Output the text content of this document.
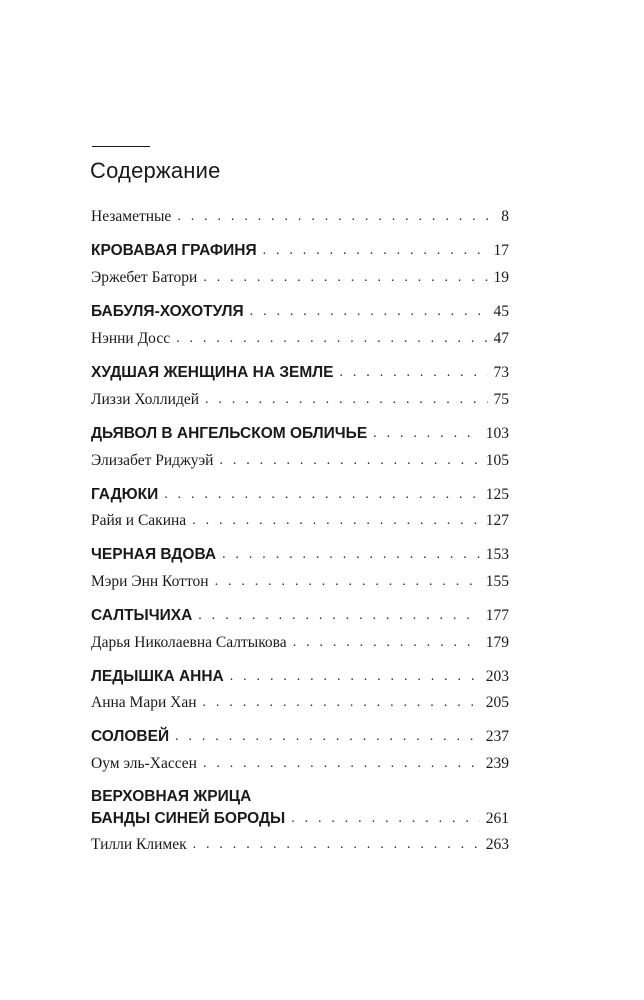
Содержание
Незаметные . . .	8
КРОВАВАЯ ГРАФИНЯ . . .	17
Эржебет Батори . . .	19
БАБУЛЯ-ХОХОТУЛЯ . . .	45
Нэнни Досс . . .	47
ХУДШАЯ ЖЕНЩИНА НА ЗЕМЛЕ . . .	73
Лиззи Холлидей . . .	75
ДЬЯВОЛ В АНГЕЛЬСКОМ ОБЛИЧЬЕ . . .	103
Элизабет Риджуэй . . .	105
ГАДЮКИ . . .	125
Райя и Сакина . . .	127
ЧЕРНАЯ ВДОВА . . .	153
Мэри Энн Коттон . . .	155
САЛТЫЧИХА . . .	177
Дарья Николаевна Салтыкова . . .	179
ЛЕДЫШКА АННА . . .	203
Анна Мари Хан . . .	205
СОЛОВЕЙ . . .	237
Оум эль-Хассен . . .	239
ВЕРХОВНАЯ ЖРИЦА
БАНДЫ СИНЕЙ БОРОДЫ . . .	261
Тилли Климек . . .	263
